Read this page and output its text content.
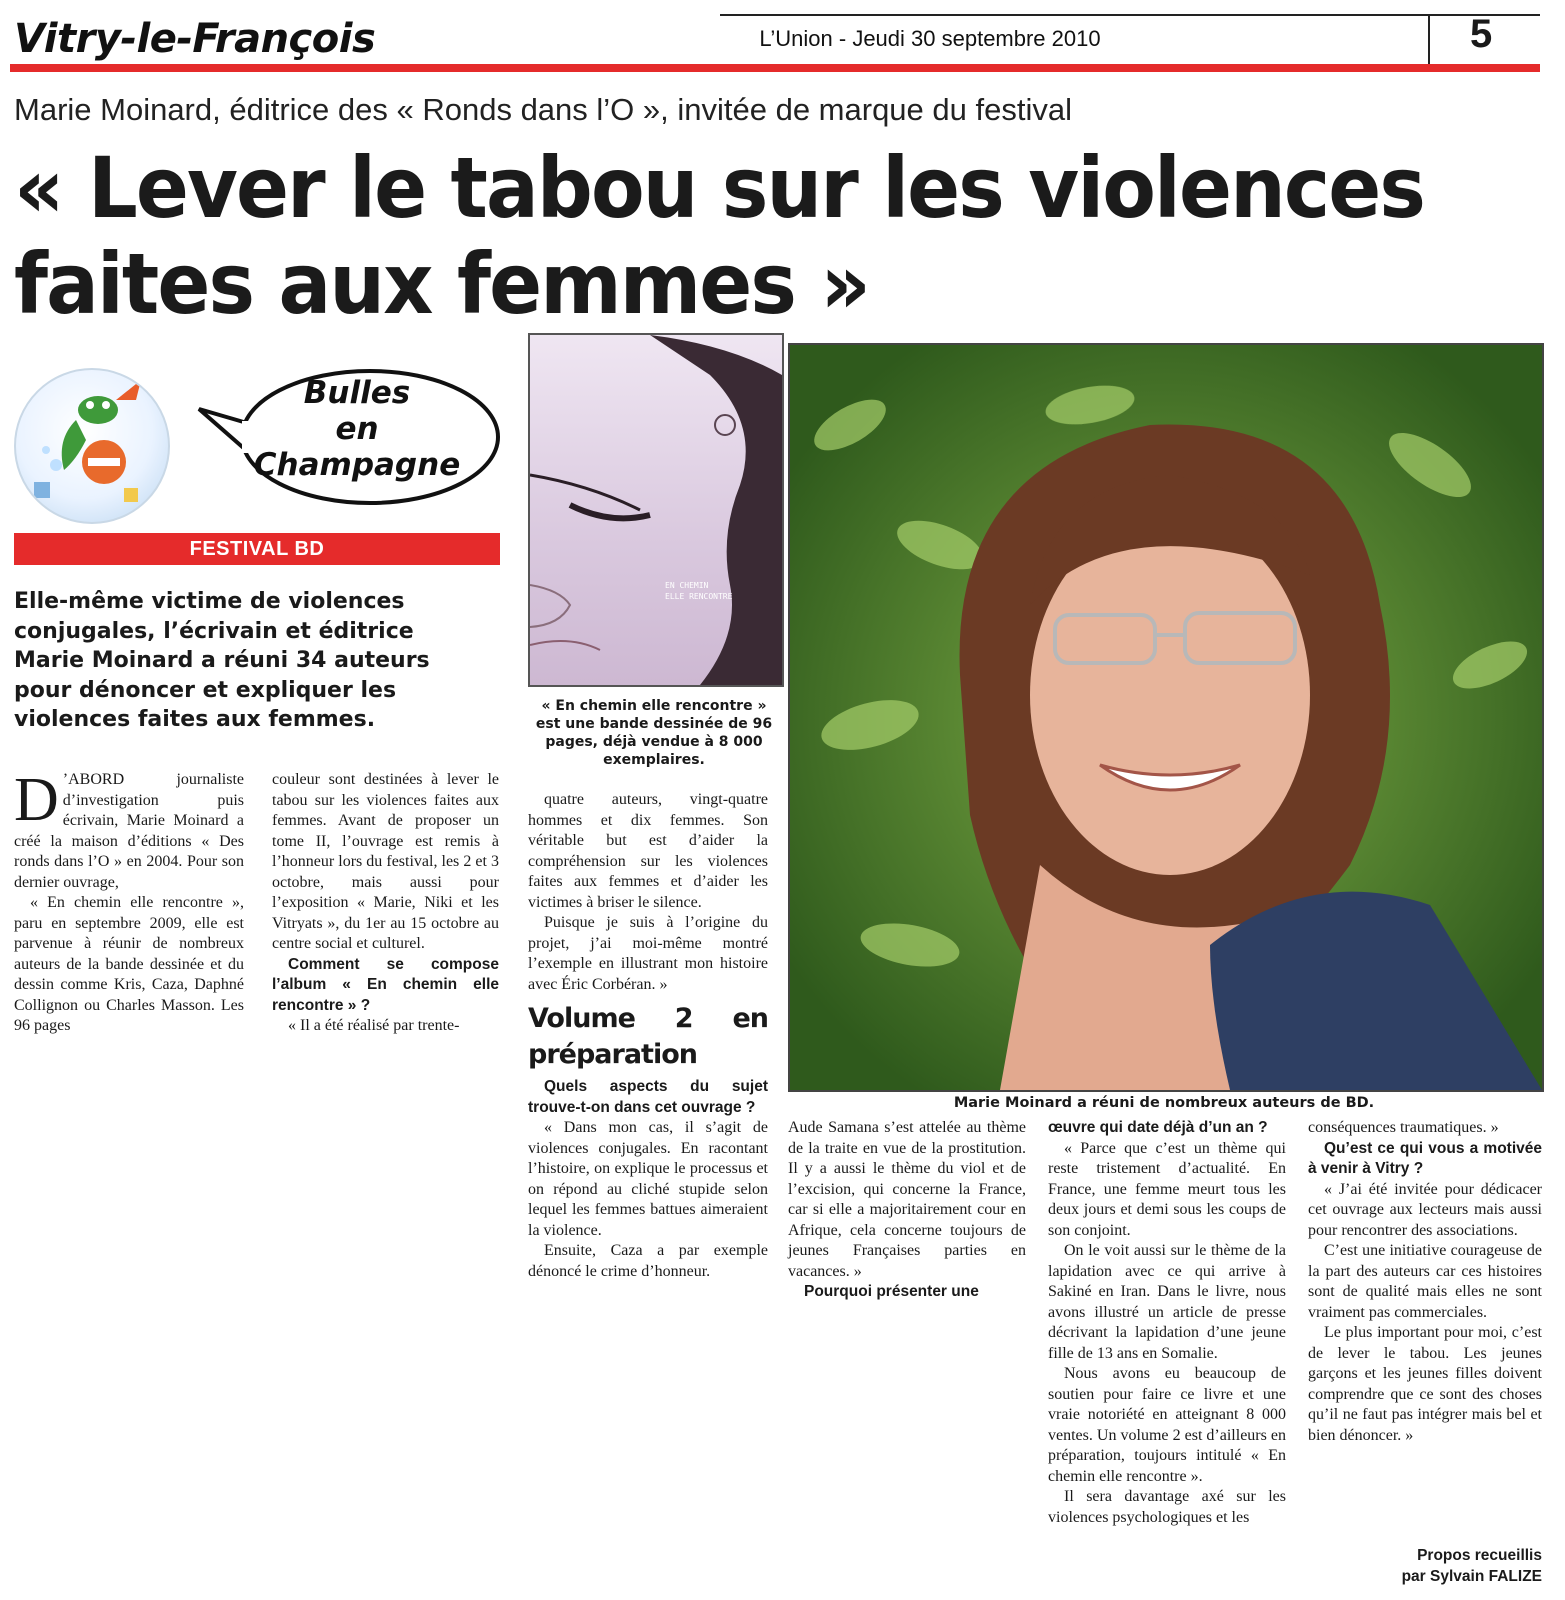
Vitry-le-François	L’Union - Jeudi 30 septembre 2010	5
Marie Moinard, éditrice des « Ronds dans l’O », invitée de marque du festival
« Lever le tabou sur les violences faites aux femmes »
Bulles
en
Champagne
FESTIVAL BD
Elle-même victime de violences conjugales, l’écrivain et éditrice Marie Moinard a réuni 34 auteurs pour dénoncer et expliquer les violences faites aux femmes.
D ’ABORD journaliste d’investigation puis écrivain, Marie Moinard a créé la maison d’éditions « Des ronds dans l’O » en 2004. Pour son dernier ouvrage,

« En chemin elle rencontre », paru en septembre 2009, elle est parvenue à réunir de nombreux auteurs de la bande dessinée et du dessin comme Kris, Caza, Daphné Collignon ou Charles Masson. Les 96 pages

couleur sont destinées à lever le tabou sur les violences faites aux femmes. Avant de proposer un tome II, l’ouvrage est remis à l’honneur lors du festival, les 2 et 3 octobre, mais aussi pour l’exposition « Marie, Niki et les Vitryats », du 1er au 15 octobre au centre social et culturel.

Comment se compose l’album « En chemin elle rencontre » ?

« Il a été réalisé par trente-

EN CHEMIN
ELLE RENCONTRE
« En chemin elle rencontre » est une bande dessinée de 96 pages, déjà vendue à 8 000 exemplaires.

quatre auteurs, vingt-quatre hommes et dix femmes. Son véritable but est d’aider la compréhension sur les violences faites aux femmes et d’aider les victimes à briser le silence.

Puisque je suis à l’origine du projet, j’ai moi-même montré l’exemple en illustrant mon histoire avec Éric Corbéran. »

Volume 2 en préparation

Quels aspects du sujet trouve-t-on dans cet ouvrage ?

« Dans mon cas, il s’agit de violences conjugales. En racontant l’histoire, on explique le processus et on répond au cliché stupide selon lequel les femmes battues aimeraient la violence.

Ensuite, Caza a par exemple dénoncé le crime d’honneur.

Marie Moinard a réuni de nombreux auteurs de BD.

Aude Samana s’est attelée au thème de la traite en vue de la prostitution. Il y a aussi le thème du viol et de l’excision, qui concerne la France, car si elle a majoritairement cour en Afrique, cela concerne toujours de jeunes Françaises parties en vacances. »

Pourquoi présenter une

œuvre qui date déjà d’un an ?

« Parce que c’est un thème qui reste tristement d’actualité. En France, une femme meurt tous les deux jours et demi sous les coups de son conjoint.

On le voit aussi sur le thème de la lapidation avec ce qui arrive à Sakiné en Iran. Dans le livre, nous avons illustré un article de presse décrivant la lapidation d’une jeune fille de 13 ans en Somalie.

Nous avons eu beaucoup de soutien pour faire ce livre et une vraie notoriété en atteignant 8 000 ventes. Un volume 2 est d’ailleurs en préparation, toujours intitulé « En chemin elle rencontre ».

Il sera davantage axé sur les violences psychologiques et les

conséquences traumatiques. »

Qu’est ce qui vous a motivée à venir à Vitry ?

« J’ai été invitée pour dédicacer cet ouvrage aux lecteurs mais aussi pour rencontrer des associations.

C’est une initiative courageuse de la part des auteurs car ces histoires sont de qualité mais elles ne sont vraiment pas commerciales.

Le plus important pour moi, c’est de lever le tabou. Les jeunes garçons et les jeunes filles doivent comprendre que ce sont des choses qu’il ne faut pas intégrer mais bel et bien dénoncer. »

Propos recueillis
par Sylvain FALIZE
